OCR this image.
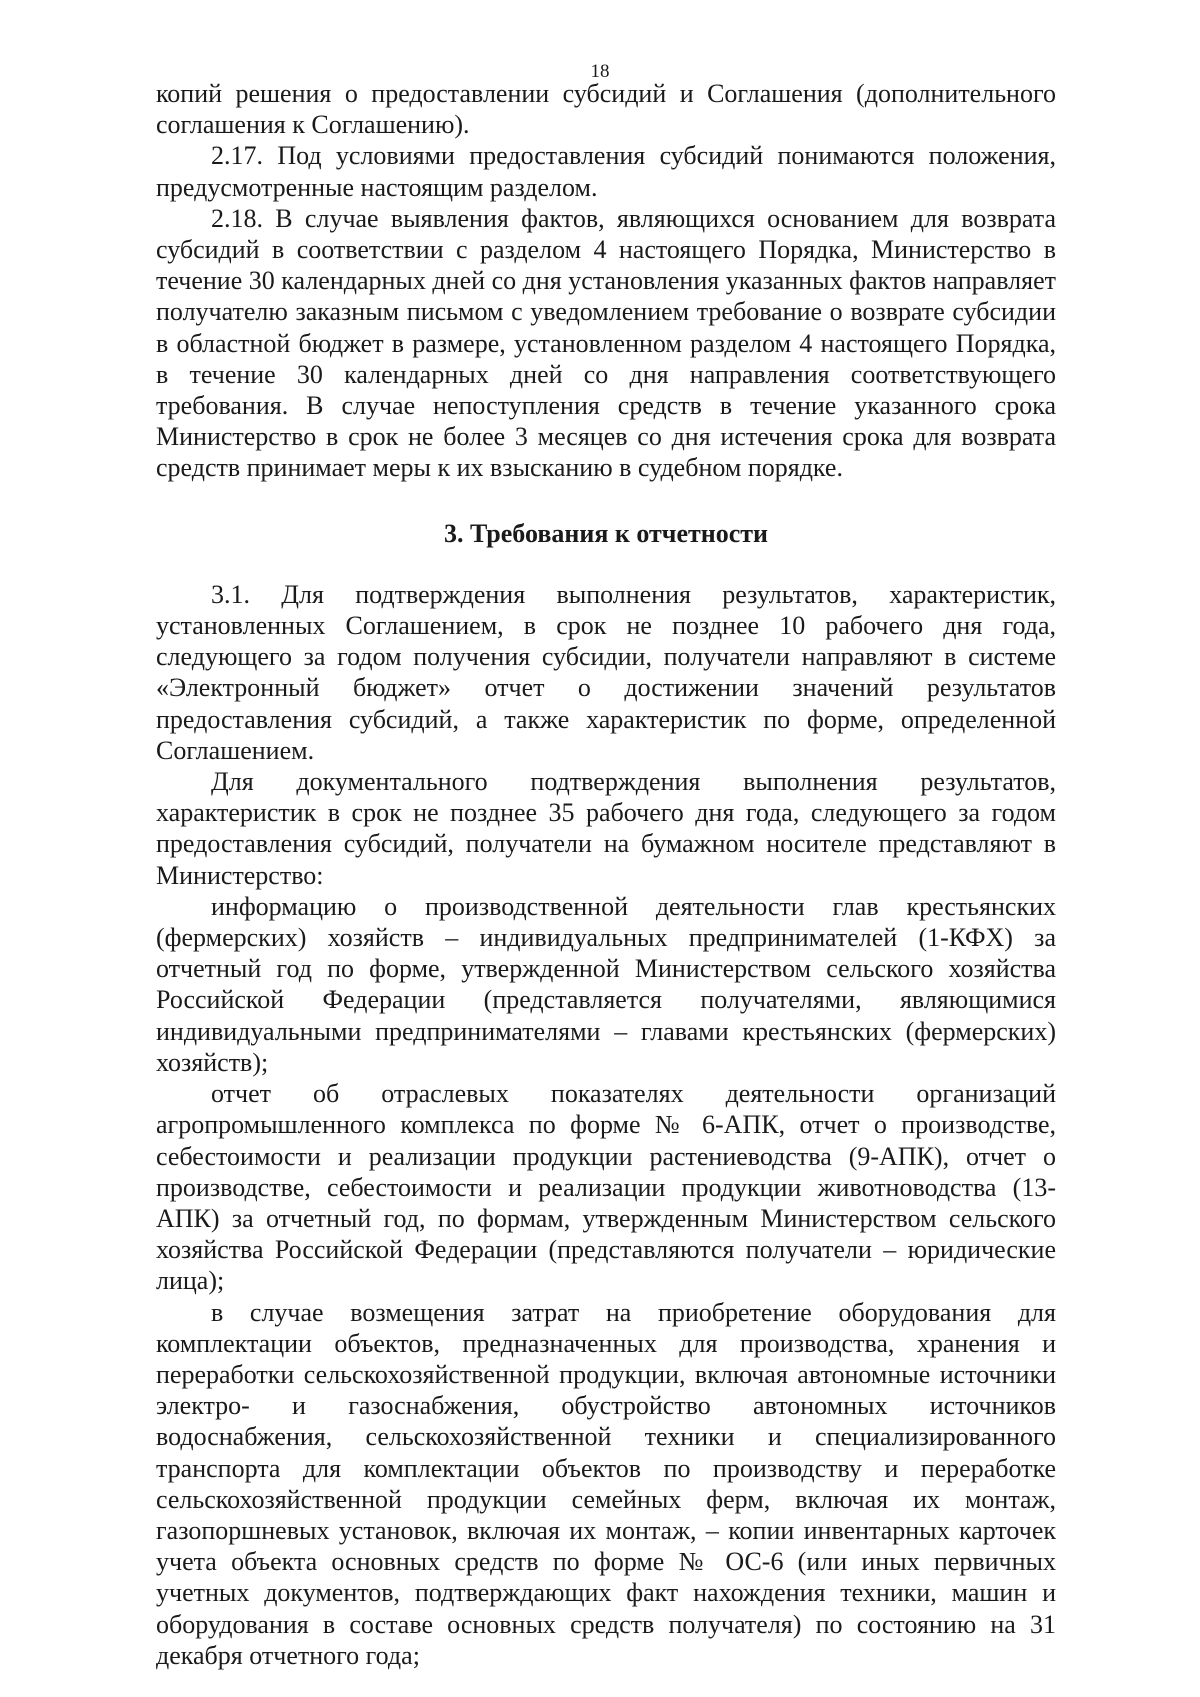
18

копий решения о предоставлении субсидий и Соглашения (дополнительного соглашения к Соглашению).

2.17. Под условиями предоставления субсидий понимаются положения, предусмотренные настоящим разделом.

2.18. В случае выявления фактов, являющихся основанием для возврата субсидий в соответствии с разделом 4 настоящего Порядка, Министерство в течение 30 календарных дней со дня установления указанных фактов направляет получателю заказным письмом с уведомлением требование о возврате субсидии в областной бюджет в размере, установленном разделом 4 настоящего Порядка, в течение 30 календарных дней со дня направления соответствующего требования. В случае непоступления средств в течение указанного срока Министерство в срок не более 3 месяцев со дня истечения срока для возврата средств принимает меры к их взысканию в судебном порядке.

3. Требования к отчетности

3.1. Для подтверждения выполнения результатов, характеристик, установленных Соглашением, в срок не позднее 10 рабочего дня года, следующего за годом получения субсидии, получатели направляют в системе «Электронный бюджет» отчет о достижении значений результатов предоставления субсидий, а также характеристик по форме, определенной Соглашением.

Для документального подтверждения выполнения результатов, характеристик в срок не позднее 35 рабочего дня года, следующего за годом предоставления субсидий, получатели на бумажном носителе представляют в Министерство:

информацию о производственной деятельности глав крестьянских (фермерских) хозяйств – индивидуальных предпринимателей (1-КФХ) за отчетный год по форме, утвержденной Министерством сельского хозяйства Российской Федерации (представляется получателями, являющимися индивидуальными предпринимателями – главами крестьянских (фермерских) хозяйств);

отчет об отраслевых показателях деятельности организаций агропромышленного комплекса по форме № 6-АПК, отчет о производстве, себестоимости и реализации продукции растениеводства (9-АПК), отчет о производстве, себестоимости и реализации продукции животноводства (13-АПК) за отчетный год, по формам, утвержденным Министерством сельского хозяйства Российской Федерации (представляются получатели – юридические лица);

в случае возмещения затрат на приобретение оборудования для комплектации объектов, предназначенных для производства, хранения и переработки сельскохозяйственной продукции, включая автономные источники электро- и газоснабжения, обустройство автономных источников водоснабжения, сельскохозяйственной техники и специализированного транспорта для комплектации объектов по производству и переработке сельскохозяйственной продукции семейных ферм, включая их монтаж, газопоршневых установок, включая их монтаж, – копии инвентарных карточек учета объекта основных средств по форме № ОС-6 (или иных первичных учетных документов, подтверждающих факт нахождения техники, машин и оборудования в составе основных средств получателя) по состоянию на 31 декабря отчетного года;
